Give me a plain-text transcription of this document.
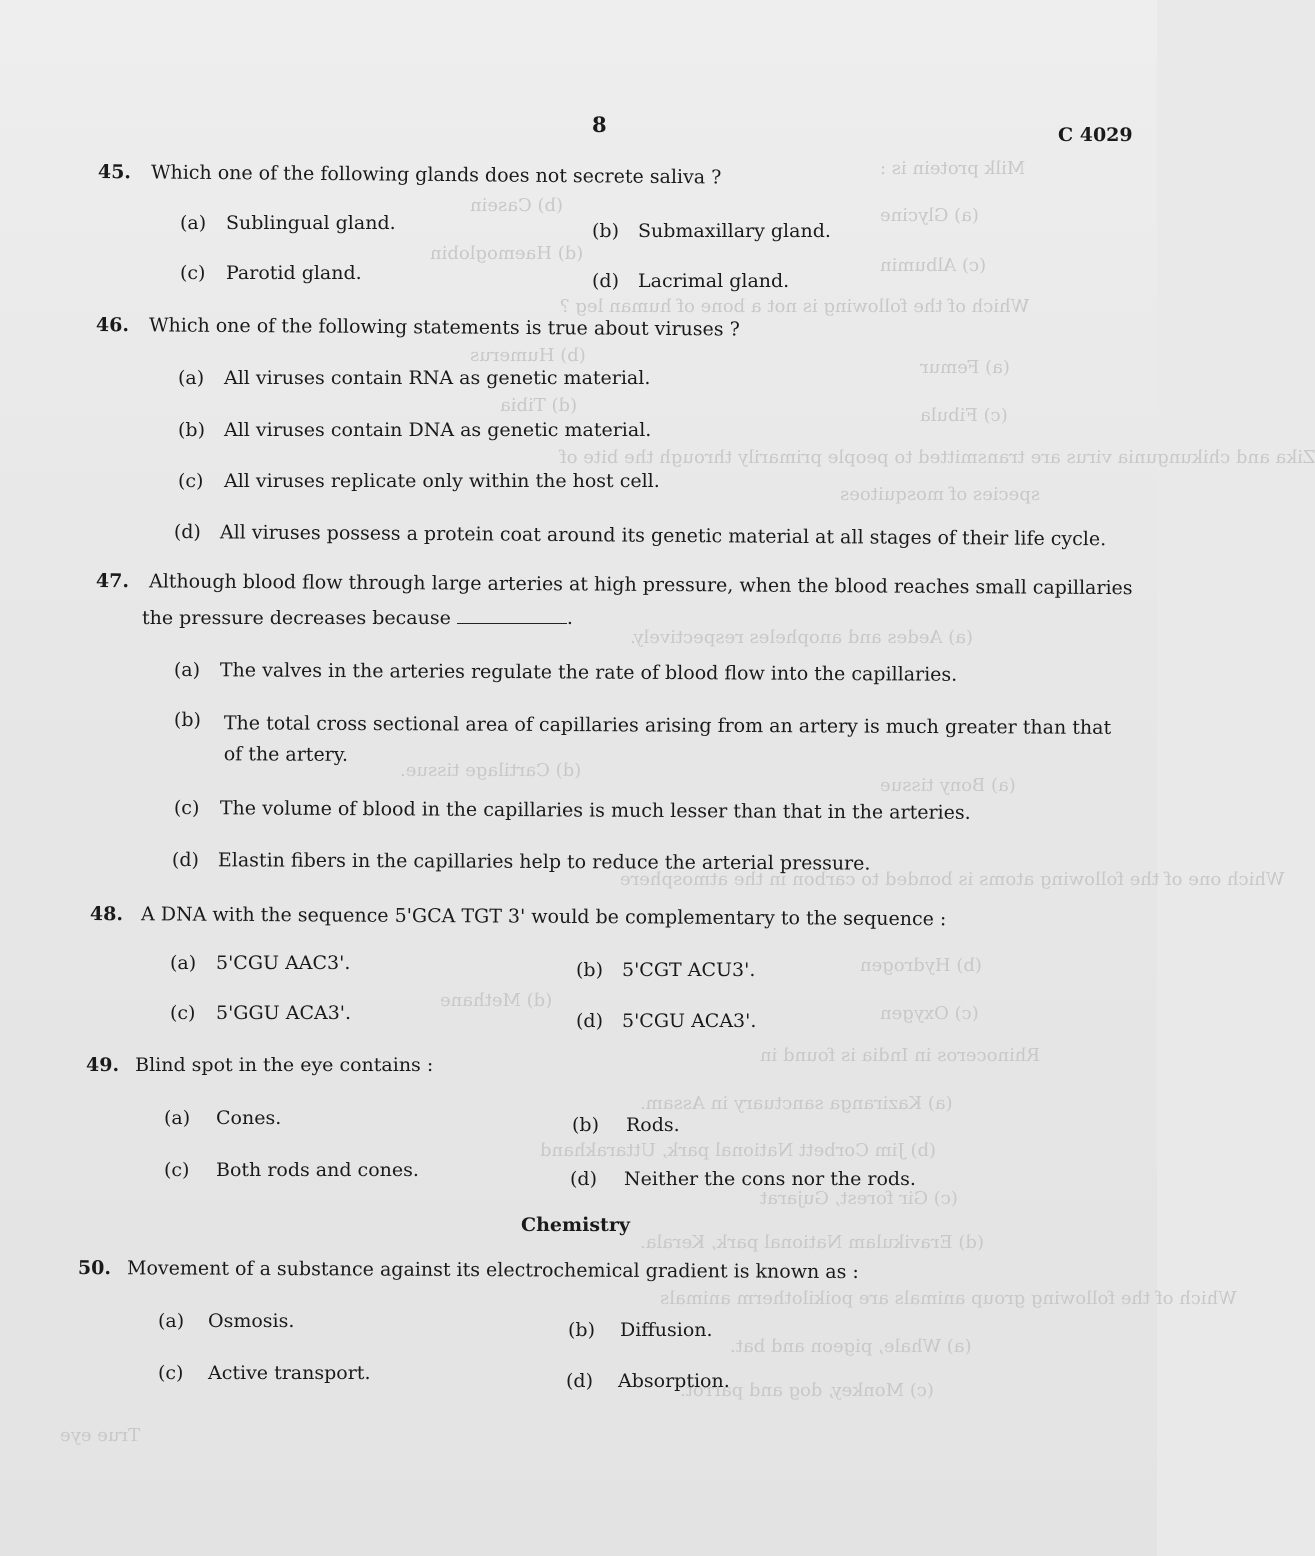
Milk protein is :
(a) Glycine
(b) Casein
(c) Albumin
(d) Haemoglobin
Which of the following is not a bone of human leg ?
(a) Femur
(b) Humerus
(c) Fibula
(d) Tibia
Zika and chikungunia virus are transmitted to people primarily through the bite of
species of mosquitoes
(a) Aedes and anopheles respectively.
(d) Cartilage tissue.
(a) Bony tissue
Which one of the following atoms is bonded to carbon in the atmosphere
(b) Hydrogen
(d) Methane
(c) Oxygen
Rhinoceros in India is found in
(a) Kaziranga sanctuary in Assam.
(b) Jim Corbett National park, Uttarakhand
(c) Gir forest, Gujarat
(d) Eravikulam National park, Kerala.
Which of the following group animals are poikilotherm animals
(a) Whale, pigeon and bat.
(c) Monkey, dog and parrot.
True eye
8	C 4029
45. Which one of the following glands does not secrete saliva ?
(a) Sublingual gland.	(b) Submaxillary gland.
(c) Parotid gland.	(d) Lacrimal gland.
46. Which one of the following statements is true about viruses ?
(a) All viruses contain RNA as genetic material.
(b) All viruses contain DNA as genetic material.
(c) All viruses replicate only within the host cell.
(d) All viruses possess a protein coat around its genetic material at all stages of their life cycle.
47. Although blood flow through large arteries at high pressure, when the blood reaches small capillaries
the pressure decreases because	.
(a) The valves in the arteries regulate the rate of blood flow into the capillaries.
(b)	The total cross sectional area of capillaries arising from an artery is much greater than that of the artery.
(c) The volume of blood in the capillaries is much lesser than that in the arteries.
(d) Elastin fibers in the capillaries help to reduce the arterial pressure.
48. A DNA with the sequence 5'GCA TGT 3' would be complementary to the sequence :
(a) 5'CGU AAC3'.	(b) 5'CGT ACU3'.
(c) 5'GGU ACA3'.	(d) 5'CGU ACA3'.
49. Blind spot in the eye contains :
(a) Cones.	(b) Rods.
(c) Both rods and cones.	(d) Neither the cons nor the rods.
Chemistry
50. Movement of a substance against its electrochemical gradient is known as :
(a) Osmosis.	(b) Diffusion.
(c) Active transport.	(d) Absorption.
